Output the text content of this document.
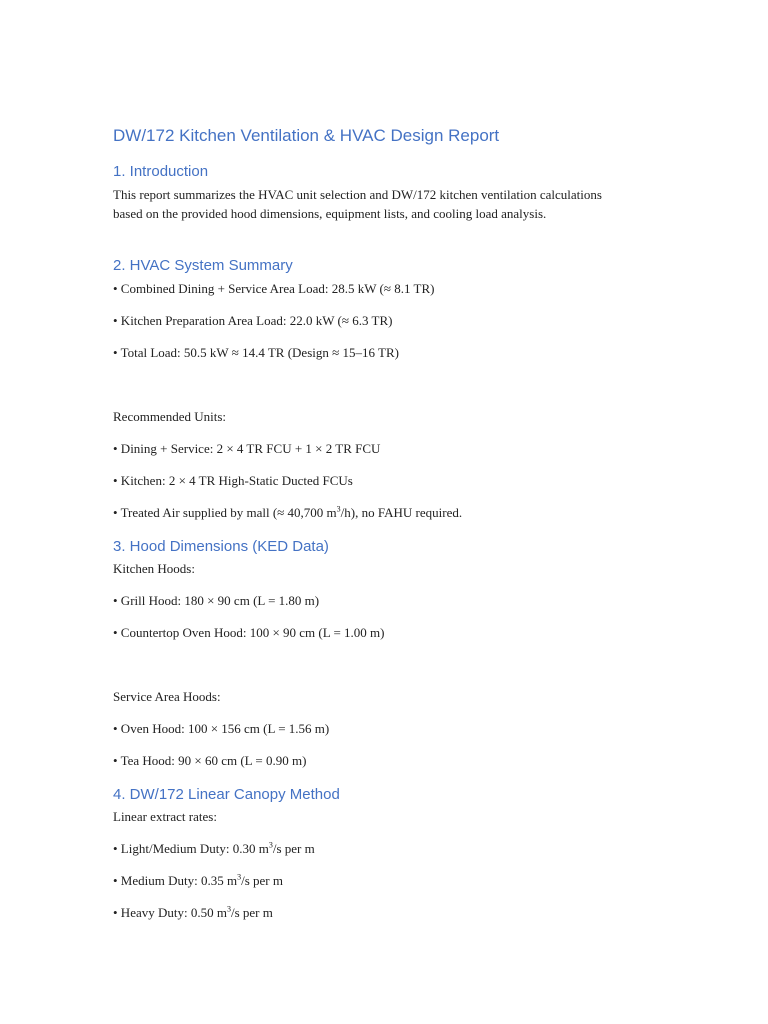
DW/172 Kitchen Ventilation & HVAC Design Report
1. Introduction

This report summarizes the HVAC unit selection and DW/172 kitchen ventilation calculations based on the provided hood dimensions, equipment lists, and cooling load analysis.

2. HVAC System Summary

• Combined Dining + Service Area Load: 28.5 kW (≈ 8.1 TR)

• Kitchen Preparation Area Load: 22.0 kW (≈ 6.3 TR)

• Total Load: 50.5 kW ≈ 14.4 TR (Design ≈ 15–16 TR)

Recommended Units:

• Dining + Service: 2 × 4 TR FCU + 1 × 2 TR FCU

• Kitchen: 2 × 4 TR High-Static Ducted FCUs

• Treated Air supplied by mall (≈ 40,700 $m^3/h$), no FAHU required.

3. Hood Dimensions (KED Data)

Kitchen Hoods:

• Grill Hood: 180 × 90 cm (L = 1.80 m)

• Countertop Oven Hood: 100 × 90 cm (L = 1.00 m)

Service Area Hoods:

• Oven Hood: 100 × 156 cm (L = 1.56 m)

• Tea Hood: 90 × 60 cm (L = 0.90 m)

4. DW/172 Linear Canopy Method

Linear extract rates:

• Light/Medium Duty: 0.30 $m^3/s$ per m

• Medium Duty: 0.35 $m^3/s$ per m

• Heavy Duty: 0.50 $m^3/s$ per m
